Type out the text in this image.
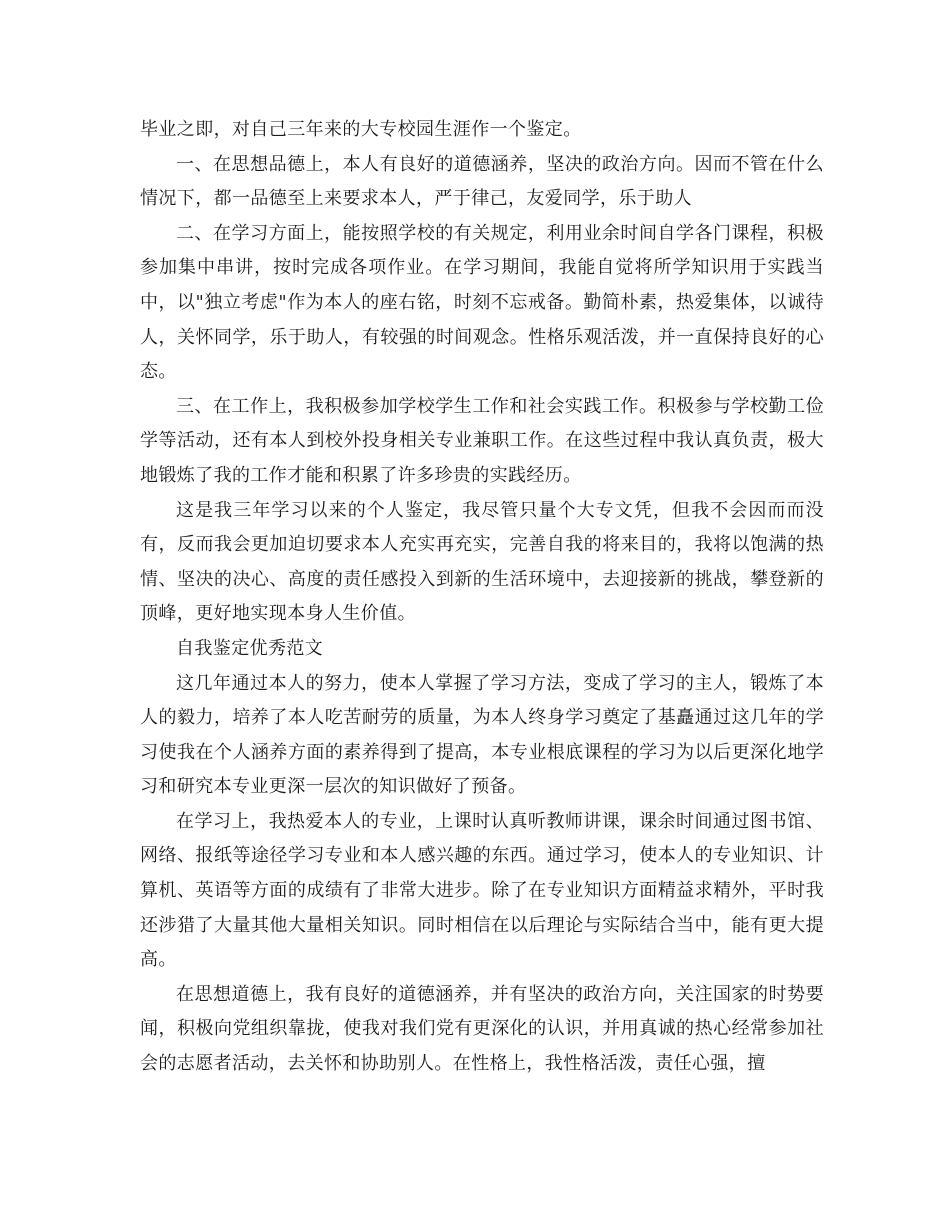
毕业之即，对自己三年来的大专校园生涯作一个鉴定。

一、在思想品德上，本人有良好的道德涵养，坚决的政治方向。因而不管在什么情况下，都一品德至上来要求本人，严于律己，友爱同学，乐于助人

二、在学习方面上，能按照学校的有关规定，利用业余时间自学各门课程，积极参加集中串讲，按时完成各项作业。在学习期间，我能自觉将所学知识用于实践当中，以"独立考虑"作为本人的座右铭，时刻不忘戒备。勤简朴素，热爱集体，以诚待人，关怀同学，乐于助人，有较强的时间观念。性格乐观活泼，并一直保持良好的心态。

三、在工作上，我积极参加学校学生工作和社会实践工作。积极参与学校勤工俭学等活动，还有本人到校外投身相关专业兼职工作。在这些过程中我认真负责，极大地锻炼了我的工作才能和积累了许多珍贵的实践经历。

这是我三年学习以来的个人鉴定，我尽管只量个大专文凭，但我不会因而而没有，反而我会更加迫切要求本人充实再充实，完善自我的将来目的，我将以饱满的热情、坚决的决心、高度的责任感投入到新的生活环境中，去迎接新的挑战，攀登新的顶峰，更好地实现本身人生价值。

自我鉴定优秀范文

这几年通过本人的努力，使本人掌握了学习方法，变成了学习的主人，锻炼了本人的毅力，培养了本人吃苦耐劳的质量，为本人终身学习奠定了基矗通过这几年的学习使我在个人涵养方面的素养得到了提高，本专业根底课程的学习为以后更深化地学习和研究本专业更深一层次的知识做好了预备。

在学习上，我热爱本人的专业，上课时认真听教师讲课，课余时间通过图书馆、网络、报纸等途径学习专业和本人感兴趣的东西。通过学习，使本人的专业知识、计算机、英语等方面的成绩有了非常大进步。除了在专业知识方面精益求精外，平时我还涉猎了大量其他大量相关知识。同时相信在以后理论与实际结合当中，能有更大提高。

在思想道德上，我有良好的道德涵养，并有坚决的政治方向，关注国家的时势要闻，积极向党组织靠拢，使我对我们党有更深化的认识，并用真诚的热心经常参加社会的志愿者活动，去关怀和协助别人。在性格上，我性格活泼，责任心强，擅
